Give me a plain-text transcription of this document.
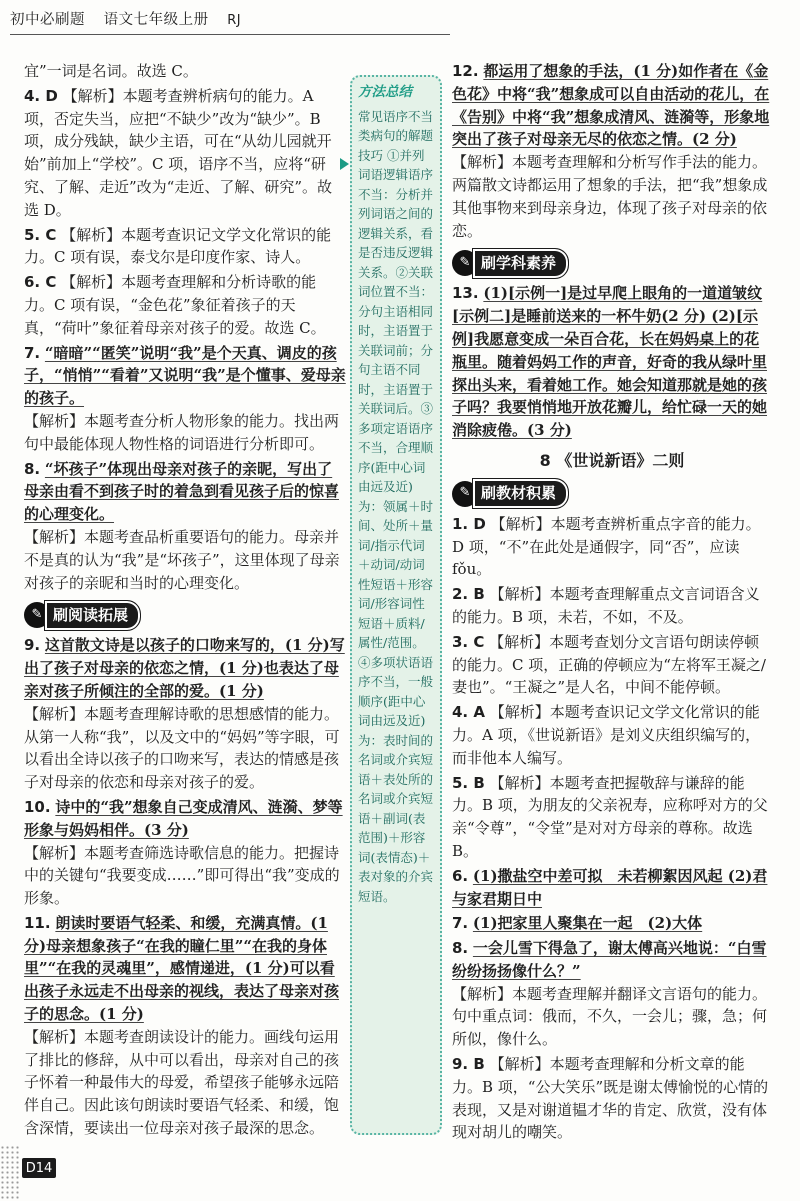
初中必刷题 语文七年级上册 RJ
宜”一词是名词。故选 C。
4. D 【解析】本题考查辨析病句的能力。A 项，否定失当，应把“不缺少”改为“缺少”。B 项，成分残缺，缺少主语，可在“从幼儿园就开始”前加上“学校”。C 项，语序不当，应将“研究、了解、走近”改为“走近、了解、研究”。故选 D。
5. C 【解析】本题考查识记文学文化常识的能力。C 项有误，泰戈尔是印度作家、诗人。
6. C 【解析】本题考查理解和分析诗歌的能力。C 项有误，“金色花”象征着孩子的天真，“荷叶”象征着母亲对孩子的爱。故选 C。
7. “暗暗”“匿笑”说明“我”是个天真、调皮的孩子，“悄悄”“看着”又说明“我”是个懂事、爱母亲的孩子。
【解析】本题考查分析人物形象的能力。找出两句中最能体现人物性格的词语进行分析即可。
8. “坏孩子”体现出母亲对孩子的亲昵，写出了母亲由看不到孩子时的着急到看见孩子后的惊喜的心理变化。
【解析】本题考查品析重要语句的能力。母亲并不是真的认为“我”是“坏孩子”，这里体现了母亲对孩子的亲昵和当时的心理变化。
✎ 刷阅读拓展
9. 这首散文诗是以孩子的口吻来写的，(1 分)写出了孩子对母亲的依恋之情，(1 分)也表达了母亲对孩子所倾注的全部的爱。(1 分)
【解析】本题考查理解诗歌的思想感情的能力。从第一人称“我”，以及文中的“妈妈”等字眼，可以看出全诗以孩子的口吻来写，表达的情感是孩子对母亲的依恋和母亲对孩子的爱。
10. 诗中的“我”想象自己变成清风、涟漪、梦等形象与妈妈相伴。(3 分)
【解析】本题考查筛选诗歌信息的能力。把握诗中的关键句“我要变成……”即可得出“我”变成的形象。
11. 朗读时要语气轻柔、和缓，充满真情。(1 分)母亲想象孩子“在我的瞳仁里”“在我的身体里”“在我的灵魂里”，感情递进，(1 分)可以看出孩子永远走不出母亲的视线，表达了母亲对孩子的思念。(1 分)
【解析】本题考查朗读设计的能力。画线句运用了排比的修辞，从中可以看出，母亲对自己的孩子怀着一种最伟大的母爱，希望孩子能够永远陪伴自己。因此该句朗读时要语气轻柔、和缓，饱含深情，要读出一位母亲对孩子最深的思念。
方法总结
常见语序不当类病句的解题技巧 ①并列词语逻辑语序不当：分析并列词语之间的逻辑关系，看是否违反逻辑关系。②关联词位置不当：分句主语相同时，主语置于关联词前；分句主语不同时，主语置于关联词后。③多项定语语序不当，合理顺序(距中心词由远及近)为：领属＋时间、处所＋量词/指示代词＋动词/动词性短语＋形容词/形容词性短语＋质料/属性/范围。④多项状语语序不当，一般顺序(距中心词由远及近)为：表时间的名词或介宾短语＋表处所的名词或介宾短语＋副词(表范围)＋形容词(表情态)＋表对象的介宾短语。
12. 都运用了想象的手法，(1 分)如作者在《金色花》中将“我”想象成可以自由活动的花儿，在《告别》中将“我”想象成清风、涟漪等，形象地突出了孩子对母亲无尽的依恋之情。(2 分)
【解析】本题考查理解和分析写作手法的能力。两篇散文诗都运用了想象的手法，把“我”想象成其他事物来到母亲身边，体现了孩子对母亲的依恋。
✎ 刷学科素养
13. (1)[示例一]是过早爬上眼角的一道道皱纹 [示例二]是睡前送来的一杯牛奶(2 分) (2)[示例]我愿意变成一朵百合花，长在妈妈桌上的花瓶里。随着妈妈工作的声音，好奇的我从绿叶里探出头来，看着她工作。她会知道那就是她的孩子吗？我要悄悄地开放花瓣儿，给忙碌一天的她消除疲倦。(3 分)
8 《世说新语》二则
✎ 刷教材积累
1. D 【解析】本题考查辨析重点字音的能力。D 项，“不”在此处是通假字，同“否”，应读 fǒu。
2. B 【解析】本题考查理解重点文言词语含义的能力。B 项，未若，不如，不及。
3. C 【解析】本题考查划分文言语句朗读停顿的能力。C 项，正确的停顿应为“左将军王凝之/妻也”。“王凝之”是人名，中间不能停顿。
4. A 【解析】本题考查识记文学文化常识的能力。A 项，《世说新语》是刘义庆组织编写的，而非他本人编写。
5. B 【解析】本题考查把握敬辞与谦辞的能力。B 项，为朋友的父亲祝寿，应称呼对方的父亲“令尊”，“令堂”是对对方母亲的尊称。故选 B。
6. (1)撒盐空中差可拟　未若柳絮因风起 (2)君与家君期日中
7. (1)把家里人聚集在一起　(2)大体
8. 一会儿雪下得急了，谢太傅高兴地说：“白雪纷纷扬扬像什么？”
【解析】本题考查理解并翻译文言语句的能力。句中重点词：俄而，不久，一会儿；骤，急；何所似，像什么。
9. B 【解析】本题考查理解和分析文章的能力。B 项，“公大笑乐”既是谢太傅愉悦的心情的表现，又是对谢道韫才华的肯定、欣赏，没有体现对胡儿的嘲笑。
D14
